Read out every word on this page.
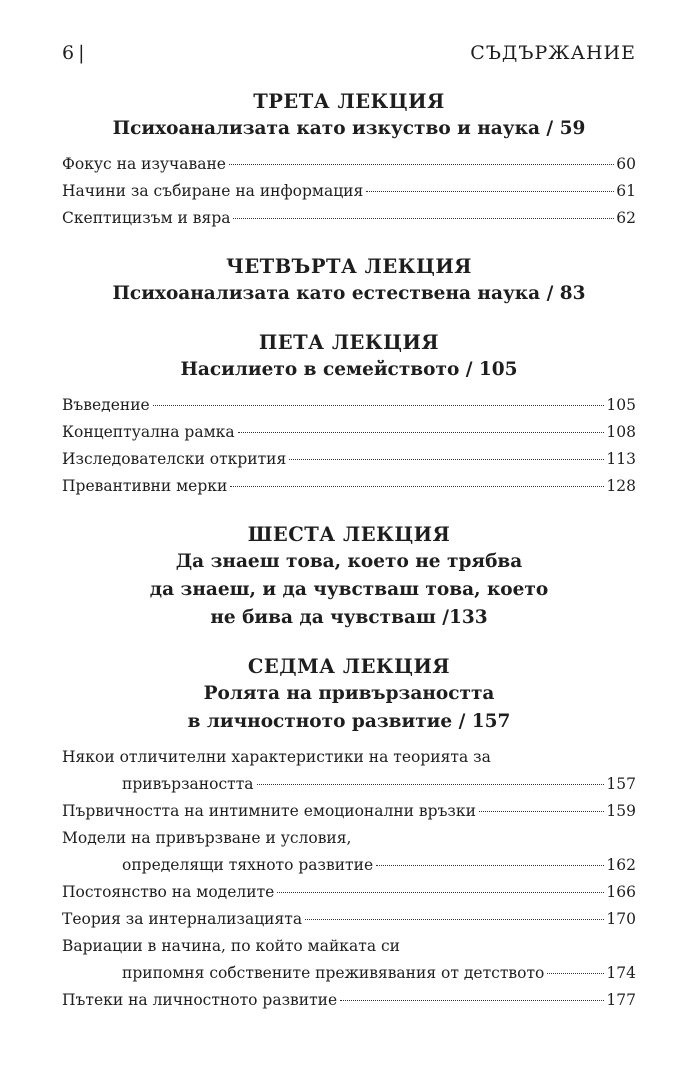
6 |	СЪДЪРЖАНИЕ
ТРЕТА ЛЕКЦИЯ
Психоанализата като изкуство и наука / 59
Фокус на изучаване	60
Начини за събиране на информация	61
Скептицизъм и вяра	62
ЧЕТВЪРТА ЛЕКЦИЯ
Психоанализата като естествена наука / 83
ПЕТА ЛЕКЦИЯ
Насилието в семейството / 105
Въведение	105
Концептуална рамка	108
Изследователски открития	113
Превантивни мерки	128
ШЕСТА ЛЕКЦИЯ
Да знаеш това, което не трябва
да знаеш, и да чувстваш това, което
не бива да чувстваш /133
СЕДМА ЛЕКЦИЯ
Ролята на привързаността
в личностното развитие / 157
Някои отличителни характеристики на теорията за
привързаността	157
Първичността на интимните емоционални връзки	159
Модели на привързване и условия,
определящи тяхното развитие	162
Постоянство на моделите	166
Теория за интернализацията	170
Вариации в начина, по който майката си
припомня собствените преживявания от детството	174
Пътеки на личностното развитие	177
